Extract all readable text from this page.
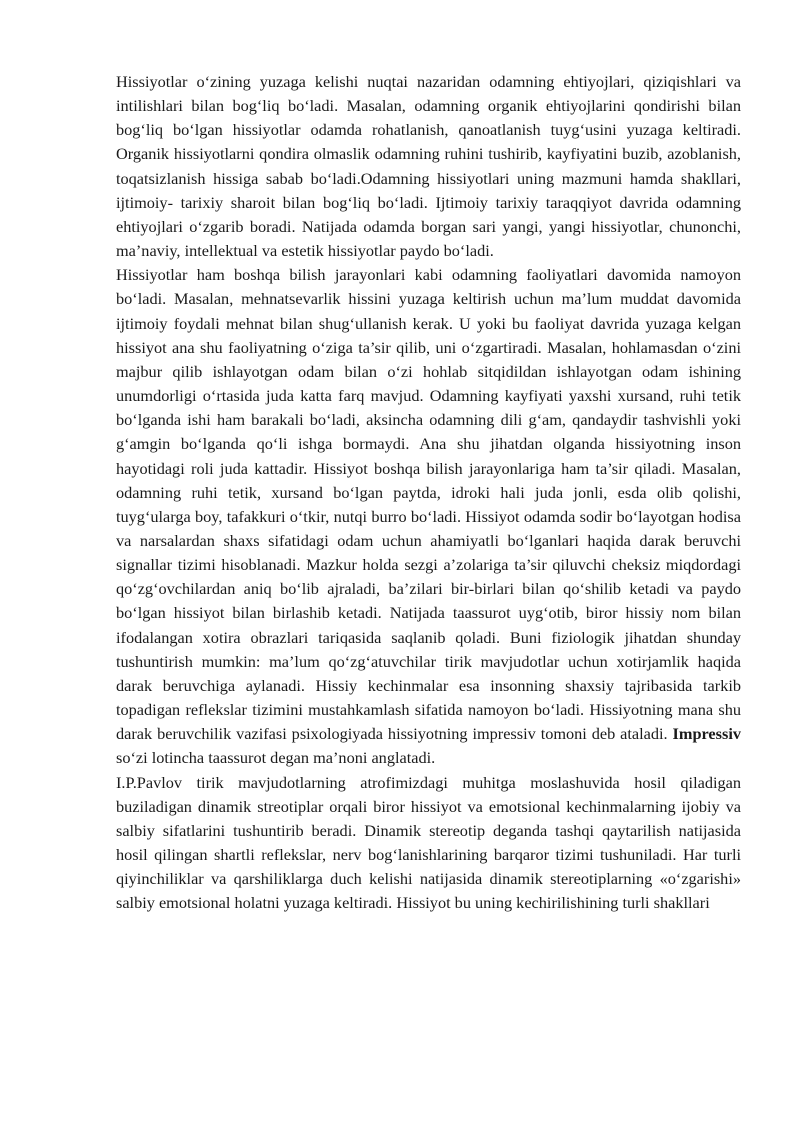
Hissiyotlar o‘zining yuzaga kelishi nuqtai nazaridan odamning ehtiyojlari, qiziqishlari va intilishlari bilan bog‘liq bo‘ladi. Masalan, odamning organik ehtiyojlarini qondirishi bilan bog‘liq bo‘lgan hissiyotlar odamda rohatlanish, qanoatlanish tuyg‘usini yuzaga keltiradi. Organik hissiyotlarni qondira olmaslik odamning ruhini tushirib, kayfiyatini buzib, azoblanish, toqatsizlanish hissiga sabab bo‘ladi.Odamning hissiyotlari uning mazmuni hamda shakllari, ijtimoiy- tarixiy sharoit bilan bog‘liq bo‘ladi. Ijtimoiy tarixiy taraqqiyot davrida odamning ehtiyojlari o‘zgarib boradi. Natijada odamda borgan sari yangi, yangi hissiyotlar, chunonchi, ma’naviy, intellektual va estetik hissiyotlar paydo bo‘ladi.

Hissiyotlar ham boshqa bilish jarayonlari kabi odamning faoliyatlari davomida namoyon bo‘ladi. Masalan, mehnatsevarlik hissini yuzaga keltirish uchun ma’lum muddat davomida ijtimoiy foydali mehnat bilan shug‘ullanish kerak. U yoki bu faoliyat davrida yuzaga kelgan hissiyot ana shu faoliyatning o‘ziga ta’sir qilib, uni o‘zgartiradi. Masalan, hohlamasdan o‘zini majbur qilib ishlayotgan odam bilan o‘zi hohlab sitqidildan ishlayotgan odam ishining unumdorligi o‘rtasida juda katta farq mavjud. Odamning kayfiyati yaxshi xursand, ruhi tetik bo‘lganda ishi ham barakali bo‘ladi, aksincha odamning dili g‘am, qandaydir tashvishli yoki g‘amgin bo‘lganda qo‘li ishga bormaydi. Ana shu jihatdan olganda hissiyotning inson hayotidagi roli juda kattadir. Hissiyot boshqa bilish jarayonlariga ham ta’sir qiladi. Masalan, odamning ruhi tetik, xursand bo‘lgan paytda, idroki hali juda jonli, esda olib qolishi, tuyg‘ularga boy, tafakkuri o‘tkir, nutqi burro bo‘ladi. Hissiyot odamda sodir bo‘layotgan hodisa va narsalardan shaxs sifatidagi odam uchun ahamiyatli bo‘lganlari haqida darak beruvchi signallar tizimi hisoblanadi. Mazkur holda sezgi a’zolariga ta’sir qiluvchi cheksiz miqdordagi qo‘zg‘ovchilardan aniq bo‘lib ajraladi, ba’zilari bir-birlari bilan qo‘shilib ketadi va paydo bo‘lgan hissiyot bilan birlashib ketadi. Natijada taassurot uyg‘otib, biror hissiy nom bilan ifodalangan xotira obrazlari tariqasida saqlanib qoladi. Buni fiziologik jihatdan shunday tushuntirish mumkin: ma’lum qo‘zg‘atuvchilar tirik mavjudotlar uchun xotirjamlik haqida darak beruvchiga aylanadi. Hissiy kechinmalar esa insonning shaxsiy tajribasida tarkib topadigan reflekslar tizimini mustahkamlash sifatida namoyon bo‘ladi. Hissiyotning mana shu darak beruvchilik vazifasi psixologiyada hissiyotning impressiv tomoni deb ataladi. Impressiv so‘zi lotincha taassurot degan ma’noni anglatadi.

I.P.Pavlov tirik mavjudotlarning atrofimizdagi muhitga moslashuvida hosil qiladigan buziladigan dinamik streotiplar orqali biror hissiyot va emotsional kechinmalarning ijobiy va salbiy sifatlarini tushuntirib beradi. Dinamik stereotip deganda tashqi qaytarilish natijasida hosil qilingan shartli reflekslar, nerv bog‘lanishlarining barqaror tizimi tushuniladi. Har turli qiyinchiliklar va qarshiliklarga duch kelishi natijasida dinamik stereotiplarning «o‘zgarishi» salbiy emotsional holatni yuzaga keltiradi. Hissiyot bu uning kechirilishining turli shakllari
